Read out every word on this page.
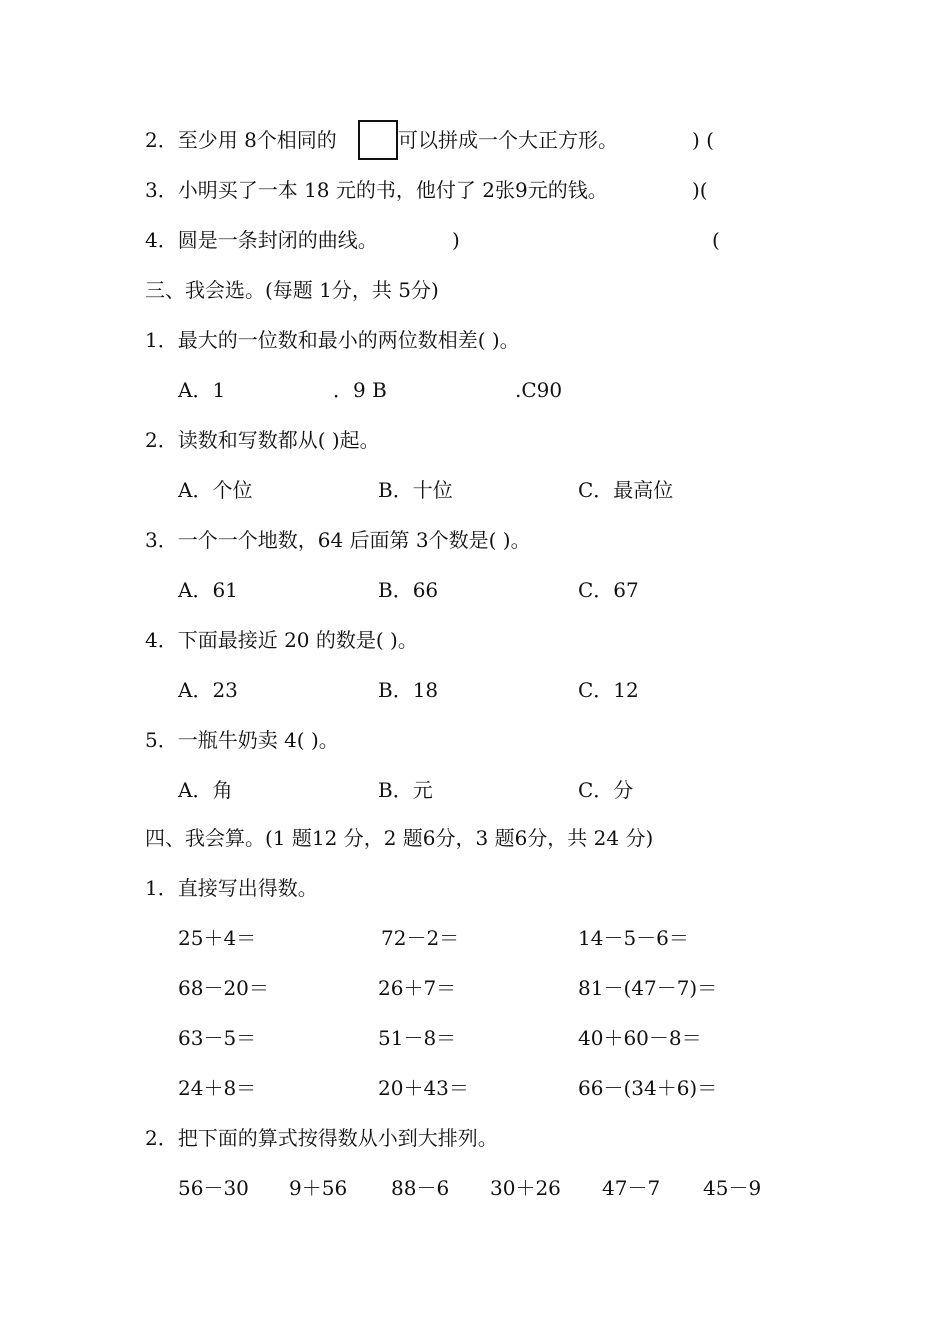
2．至少用 8个相同的	可以拼成一个大正方形。	) (
3．小明买了一本 18 元的书，他付了 2张9元的钱。	)(
4．圆是一条封闭的曲线。	)	(
三、我会选。(每题 1分，共 5分)
1．最大的一位数和最小的两位数相差( )。
A．1	．9 B	.C90
2．读数和写数都从( )起。
A．个位	B．十位	C．最高位
3．一个一个地数，64 后面第 3个数是( )。
A．61	B．66	C．67
4．下面最接近 20 的数是( )。
A．23	B．18	C．12
5．一瓶牛奶卖 4( )。
A．角	B．元	C．分
四、我会算。(1 题12 分，2 题6分，3 题6分，共 24 分)
1．直接写出得数。
25＋4＝	72－2＝	14－5－6＝
68－20＝	26＋7＝	81－(47－7)＝
63－5＝	51－8＝	40＋60－8＝
24＋8＝	20＋43＝	66－(34＋6)＝
2．把下面的算式按得数从小到大排列。
56－30 9＋56 88－6 30＋26 47－7 45－9
